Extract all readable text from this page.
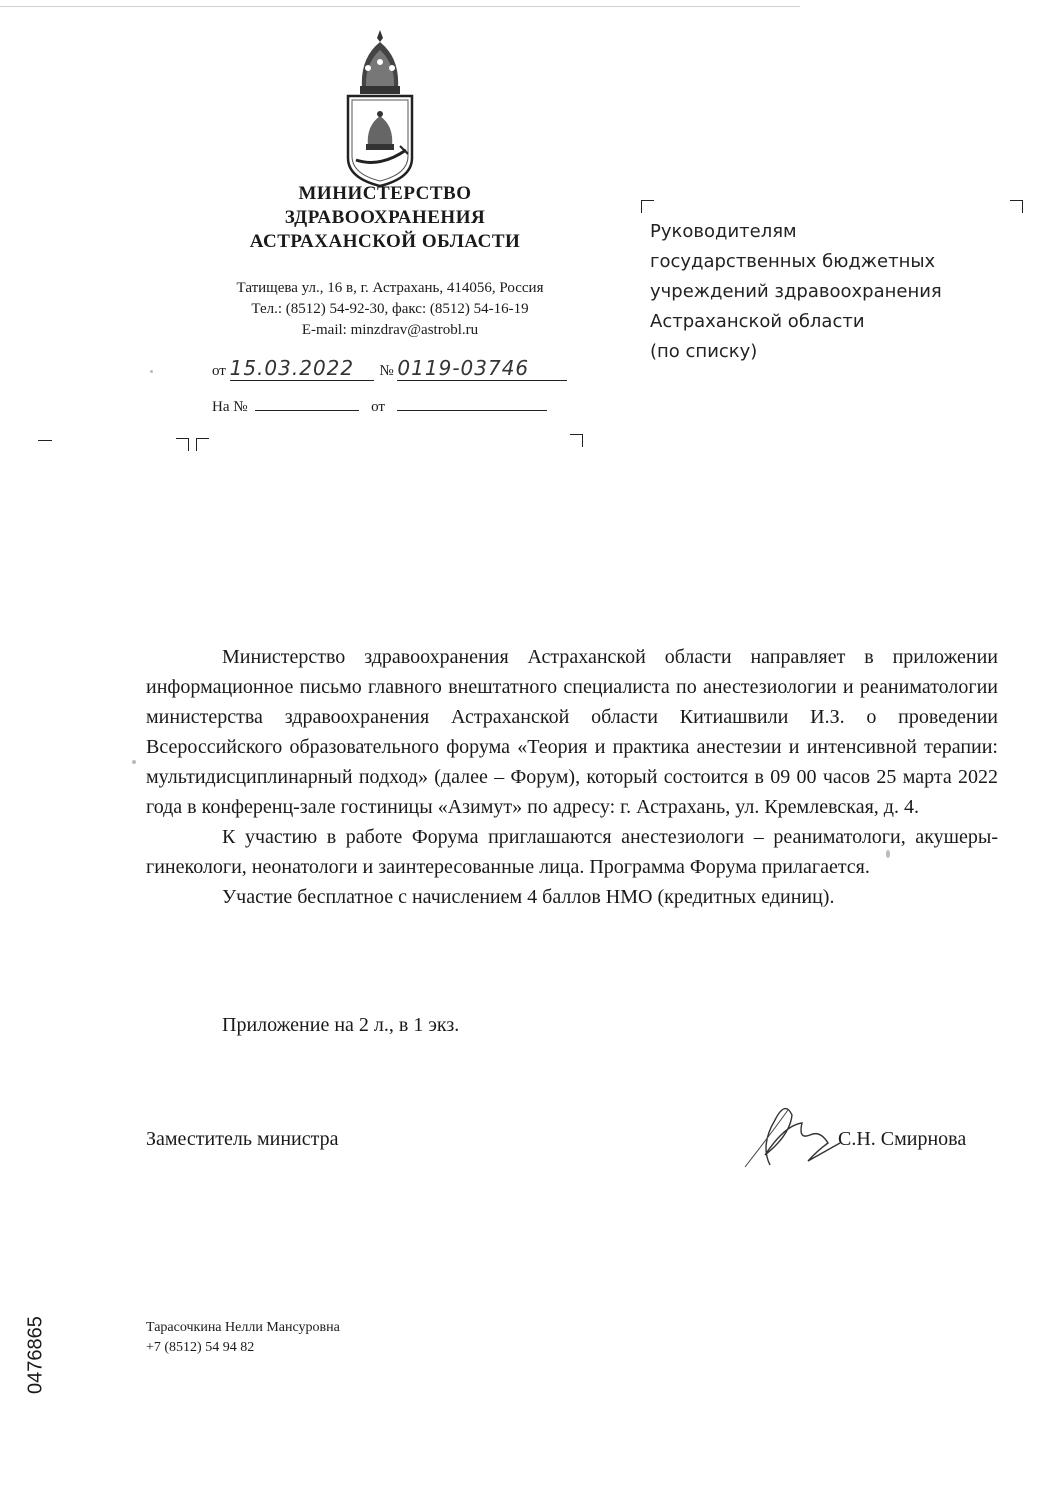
МИНИСТЕРСТВО
ЗДРАВООХРАНЕНИЯ
АСТРАХАНСКОЙ ОБЛАСТИ
Татищева ул., 16 в, г. Астрахань, 414056, Россия
Тел.: (8512) 54-92-30, факс: (8512) 54-16-19
E-mail: minzdrav@astrobl.ru
от 15.03.2022 № 0119-03746
На №	от
Руководителям
государственных бюджетных
учреждений здравоохранения
Астраханской области
(по списку)

Министерство здравоохранения Астраханской области направляет в приложении информационное письмо главного внештатного специалиста по анестезиологии и реаниматологии министерства здравоохранения Астраханской области Китиашвили И.З. о проведении Всероссийского образовательного форума «Теория и практика анестезии и интенсивной терапии: мультидисциплинарный подход» (далее – Форум), который состоится в 09 00 часов 25 марта 2022 года в конференц-зале гостиницы «Азимут» по адресу: г. Астрахань, ул. Кремлевская, д. 4.

К участию в работе Форума приглашаются анестезиологи – реаниматологи, акушеры-гинекологи, неонатологи и заинтересованные лица. Программа Форума прилагается.

Участие бесплатное с начислением 4 баллов НМО (кредитных единиц).

Приложение на 2 л., в 1 экз.
Заместитель министра	С.Н. Смирнова
Тарасочкина Нелли Мансуровна
+7 (8512) 54 94 82
0476865
